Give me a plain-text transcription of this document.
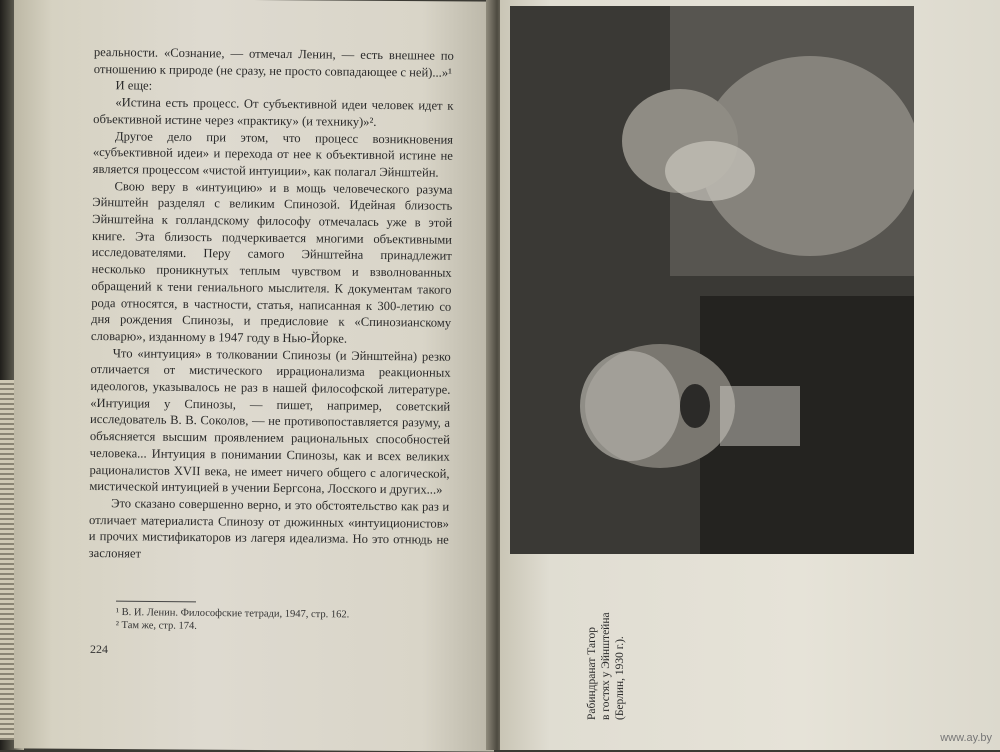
реальности. «Сознание, — отмечал Ленин, — есть внешнее по отношению к природе (не сразу, не просто совпадающее с ней)...»¹

И еще:

«Истина есть процесс. От субъективной идеи человек идет к объективной истине через «практику» (и технику)»².

Другое дело при этом, что процесс возникновения «субъективной идеи» и перехода от нее к объективной истине не является процессом «чистой интуиции», как полагал Эйнштейн.

Свою веру в «интуицию» и в мощь человеческого разума Эйнштейн разделял с великим Спинозой. Идейная близость Эйнштейна к голландскому философу отмечалась уже в этой книге. Эта близость подчеркивается многими объективными исследователями. Перу самого Эйнштейна принадлежит несколько проникнутых теплым чувством и взволнованных обращений к тени гениального мыслителя. К документам такого рода относятся, в частности, статья, написанная к 300-летию со дня рождения Спинозы, и предисловие к «Спинозианскому словарю», изданному в 1947 году в Нью-Йорке.

Что «интуиция» в толковании Спинозы (и Эйнштейна) резко отличается от мистического иррационализма реакционных идеологов, указывалось не раз в нашей философской литературе. «Интуиция у Спинозы, — пишет, например, советский исследователь В. В. Соколов, — не противопоставляется разуму, а объясняется высшим проявлением рациональных способностей человека... Интуиция в понимании Спинозы, как и всех великих рационалистов XVII века, не имеет ничего общего с алогической, мистической интуицией в учении Бергсона, Лосского и других...»

Это сказано совершенно верно, и это обстоятельство как раз и отличает материалиста Спинозу от дюжинных «интуиционистов» и прочих мистификаторов из лагеря идеализма. Но это отнюдь не заслоняет

¹ В. И. Ленин. Философские тетради, 1947, стр. 162.
² Там же, стр. 174.
224	Рабиндранат Тагор в гостях у Эйнштейна (Берлин, 1930 г.).
www.ay.by
